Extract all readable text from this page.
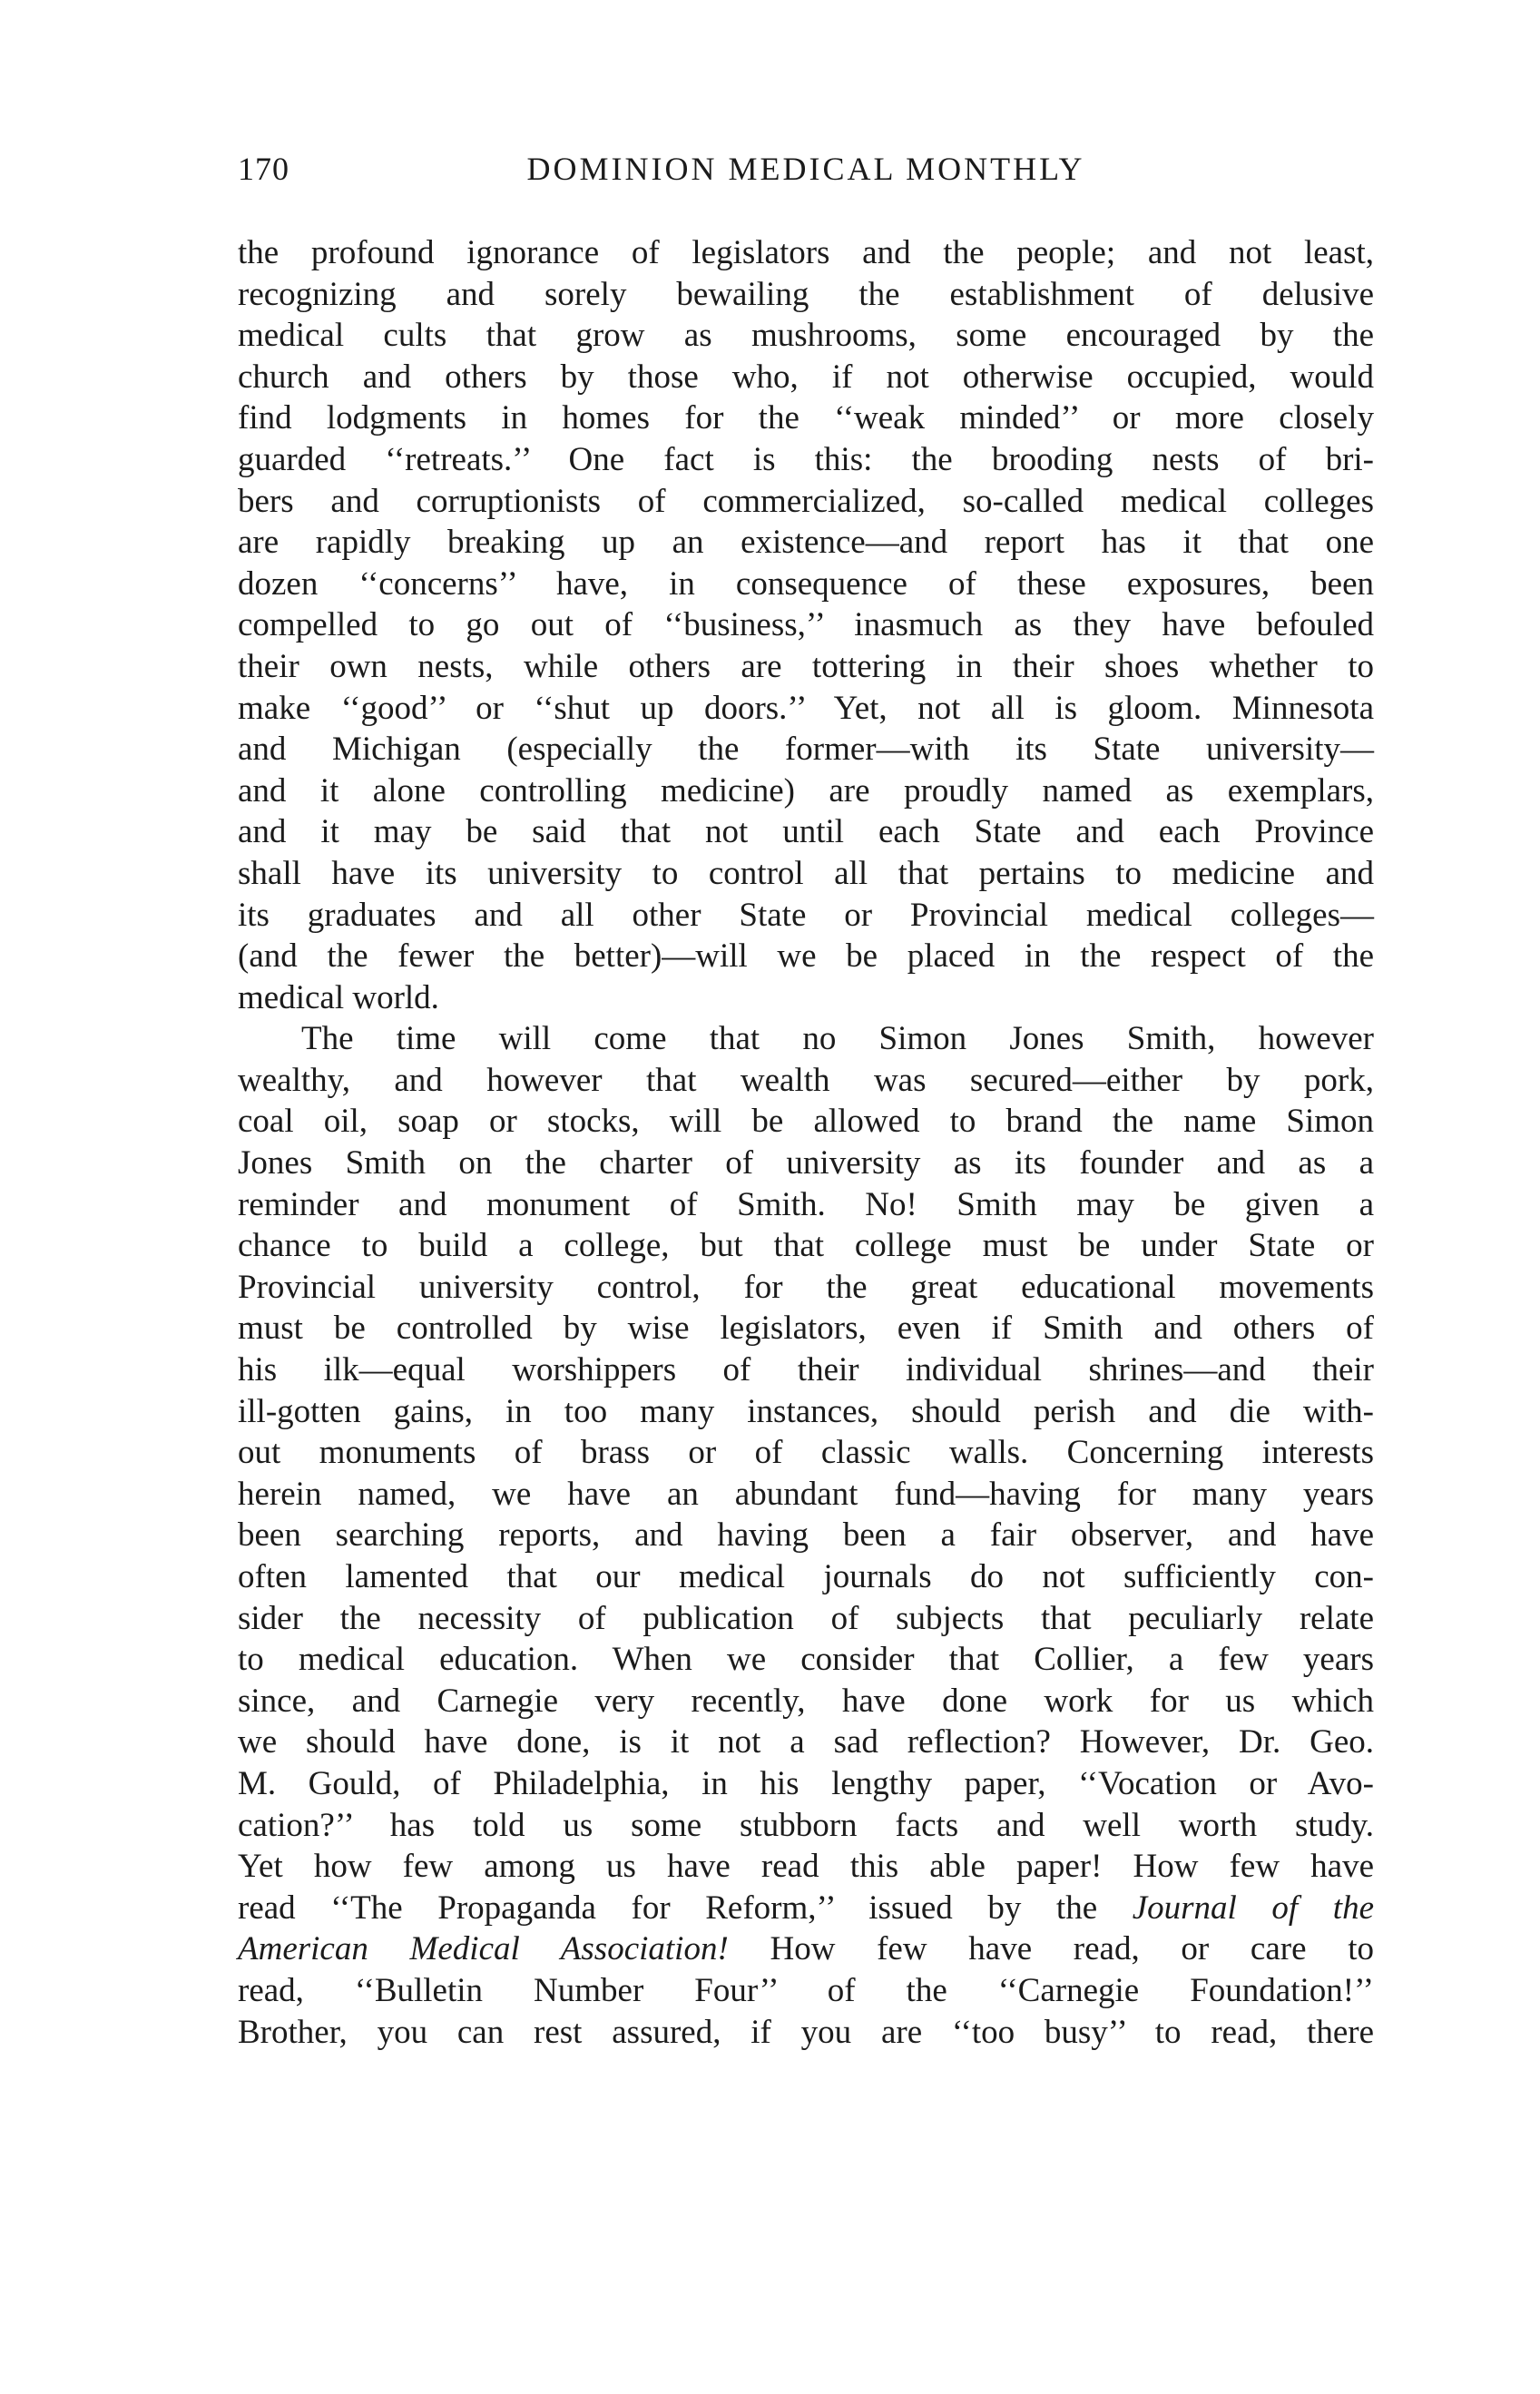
170	DOMINION MEDICAL MONTHLY
the profound ignorance of legislators and the people; and not least,
recognizing and sorely bewailing the establishment of delusive
medical cults that grow as mushrooms, some encouraged by the
church and others by those who, if not otherwise occupied, would
find lodgments in homes for the ‘‘weak minded’’ or more closely
guarded ‘‘retreats.’’ One fact is this: the brooding nests of bri-
bers and corruptionists of commercialized, so-called medical colleges
are rapidly breaking up an existence—and report has it that one
dozen ‘‘concerns’’ have, in consequence of these exposures, been
compelled to go out of ‘‘business,’’ inasmuch as they have befouled
their own nests, while others are tottering in their shoes whether to
make ‘‘good’’ or ‘‘shut up doors.’’ Yet, not all is gloom. Minnesota
and Michigan (especially the former—with its State university—
and it alone controlling medicine) are proudly named as exemplars,
and it may be said that not until each State and each Province
shall have its university to control all that pertains to medicine and
its graduates and all other State or Provincial medical colleges—
(and the fewer the better)—will we be placed in the respect of the
medical world.
The time will come that no Simon Jones Smith, however
wealthy, and however that wealth was secured—either by pork,
coal oil, soap or stocks, will be allowed to brand the name Simon
Jones Smith on the charter of university as its founder and as a
reminder and monument of Smith. No! Smith may be given a
chance to build a college, but that college must be under State or
Provincial university control, for the great educational movements
must be controlled by wise legislators, even if Smith and others of
his ilk—equal worshippers of their individual shrines—and their
ill-gotten gains, in too many instances, should perish and die with-
out monuments of brass or of classic walls. Concerning interests
herein named, we have an abundant fund—having for many years
been searching reports, and having been a fair observer, and have
often lamented that our medical journals do not sufficiently con-
sider the necessity of publication of subjects that peculiarly relate
to medical education. When we consider that Collier, a few years
since, and Carnegie very recently, have done work for us which
we should have done, is it not a sad reflection? However, Dr. Geo.
M. Gould, of Philadelphia, in his lengthy paper, ‘‘Vocation or Avo-
cation?’’ has told us some stubborn facts and well worth study.
Yet how few among us have read this able paper! How few have
read ‘‘The Propaganda for Reform,’’ issued by the Journal of the
American Medical Association! How few have read, or care to
read, ‘‘Bulletin Number Four’’ of the ‘‘Carnegie Foundation!’’
Brother, you can rest assured, if you are ‘‘too busy’’ to read, there
